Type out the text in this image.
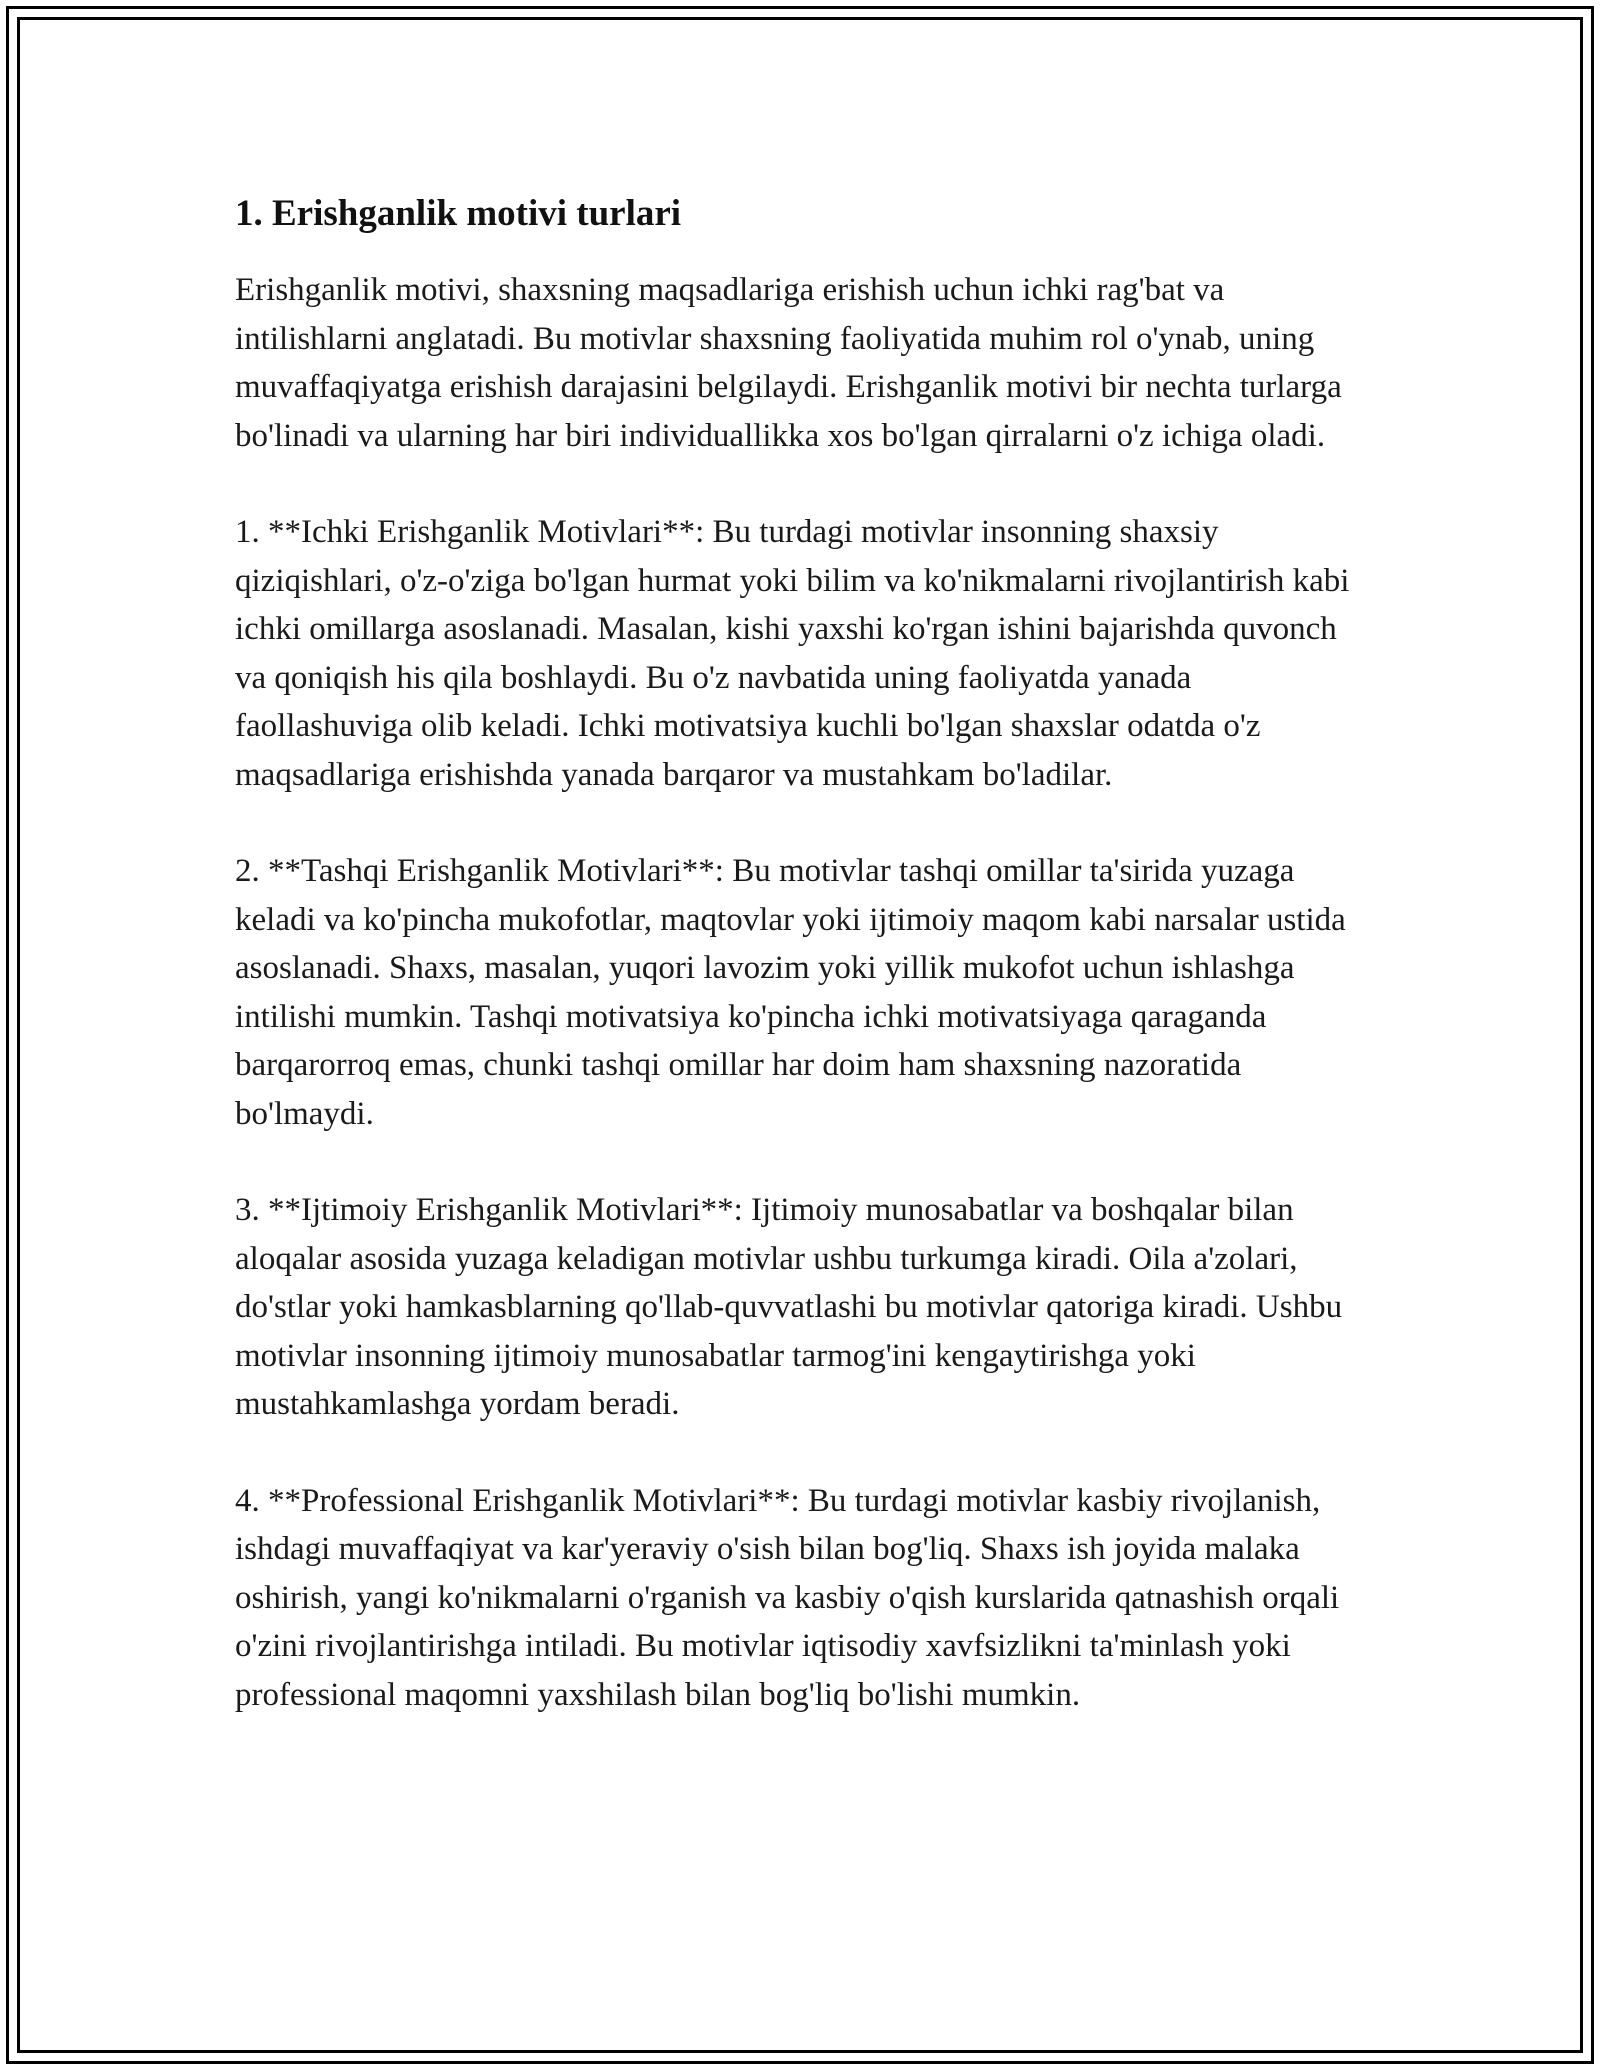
1. Erishganlik motivi turlari

Erishganlik motivi, shaxsning maqsadlariga erishish uchun ichki rag'bat va intilishlarni anglatadi. Bu motivlar shaxsning faoliyatida muhim rol o'ynab, uning muvaffaqiyatga erishish darajasini belgilaydi. Erishganlik motivi bir nechta turlarga bo'linadi va ularning har biri individuallikka xos bo'lgan qirralarni o'z ichiga oladi.

1. **Ichki Erishganlik Motivlari**: Bu turdagi motivlar insonning shaxsiy qiziqishlari, o'z-o'ziga bo'lgan hurmat yoki bilim va ko'nikmalarni rivojlantirish kabi ichki omillarga asoslanadi. Masalan, kishi yaxshi ko'rgan ishini bajarishda quvonch va qoniqish his qila boshlaydi. Bu o'z navbatida uning faoliyatda yanada faollashuviga olib keladi. Ichki motivatsiya kuchli bo'lgan shaxslar odatda o'z maqsadlariga erishishda yanada barqaror va mustahkam bo'ladilar.

2. **Tashqi Erishganlik Motivlari**: Bu motivlar tashqi omillar ta'sirida yuzaga keladi va ko'pincha mukofotlar, maqtovlar yoki ijtimoiy maqom kabi narsalar ustida asoslanadi. Shaxs, masalan, yuqori lavozim yoki yillik mukofot uchun ishlashga intilishi mumkin. Tashqi motivatsiya ko'pincha ichki motivatsiyaga qaraganda barqarorroq emas, chunki tashqi omillar har doim ham shaxsning nazoratida bo'lmaydi.

3. **Ijtimoiy Erishganlik Motivlari**: Ijtimoiy munosabatlar va boshqalar bilan aloqalar asosida yuzaga keladigan motivlar ushbu turkumga kiradi. Oila a'zolari, do'stlar yoki hamkasblarning qo'llab-quvvatlashi bu motivlar qatoriga kiradi. Ushbu motivlar insonning ijtimoiy munosabatlar tarmog'ini kengaytirishga yoki mustahkamlashga yordam beradi.

4. **Professional Erishganlik Motivlari**: Bu turdagi motivlar kasbiy rivojlanish, ishdagi muvaffaqiyat va kar'yeraviy o'sish bilan bog'liq. Shaxs ish joyida malaka oshirish, yangi ko'nikmalarni o'rganish va kasbiy o'qish kurslarida qatnashish orqali o'zini rivojlantirishga intiladi. Bu motivlar iqtisodiy xavfsizlikni ta'minlash yoki professional maqomni yaxshilash bilan bog'liq bo'lishi mumkin.
